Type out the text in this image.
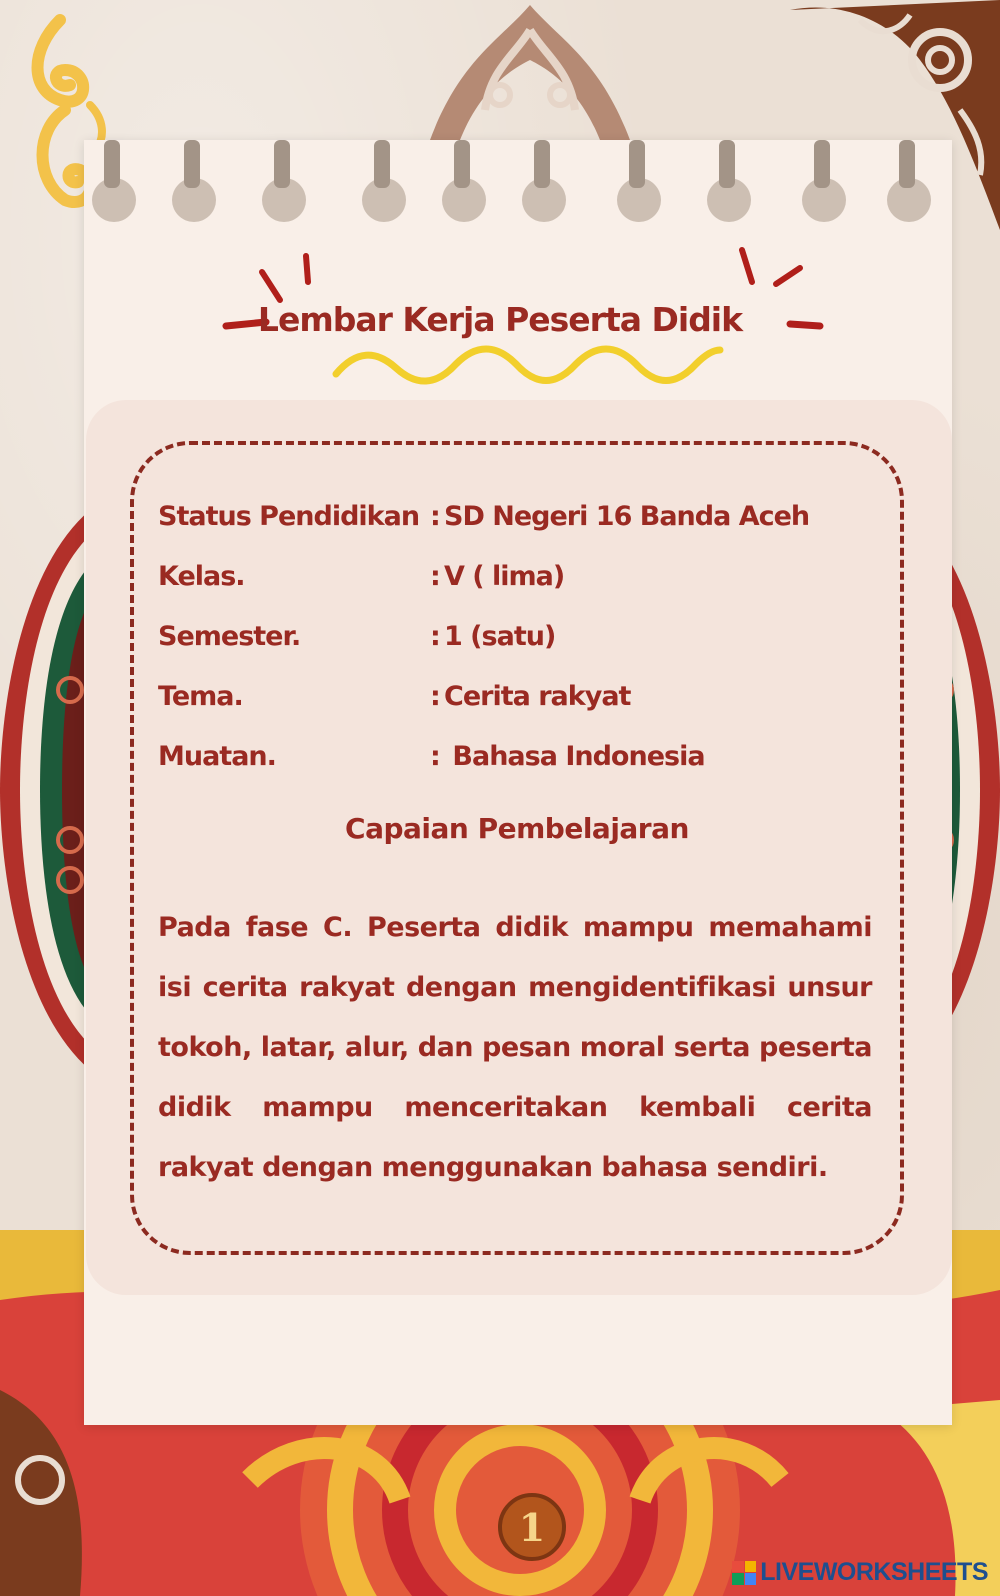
Lembar Kerja Peserta Didik
Status Pendidikan : SD Negeri 16 Banda Aceh
Kelas.	: V ( lima)
Semester.	: 1 (satu)
Tema.	: Cerita rakyat
Muatan.	: Bahasa Indonesia
Capaian Pembelajaran
Pada fase C. Peserta didik mampu memahami isi cerita rakyat dengan mengidentifikasi unsur tokoh, latar, alur, dan pesan moral serta peserta didik mampu menceritakan kembali cerita rakyat dengan menggunakan bahasa sendiri.
1
LIVEWORKSHEETS
